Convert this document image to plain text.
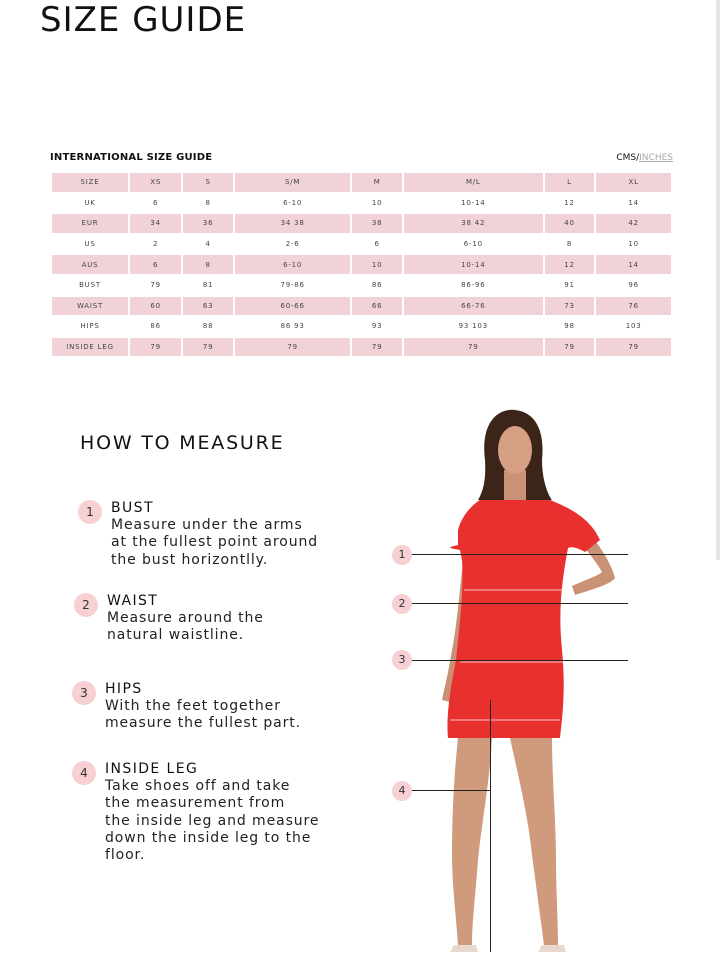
SIZE GUIDE
INTERNATIONAL SIZE GUIDE	CMS/INCHES
SIZE	XS	S	S/M	M	M/L	L	XL
UK	6	8	6-10	10	10-14	12	14
EUR	34	36	34 38	38	38 42	40	42
US	2	4	2-6	6	6-10	8	10
AUS	6	8	6-10	10	10-14	12	14
BUST	79	81	79-86	86	86-96	91	96
WAIST	60	63	60-66	66	66-76	73	76
HIPS	86	88	86 93	93	93 103	98	103
INSIDE LEG	79	79	79	79	79	79	79
HOW TO MEASURE
1	BUST
Measure under the arms
at the fullest point around
the bust horizontlly.
2	WAIST
Measure around the
natural waistline.
3	HIPS
With the feet together
measure the fullest part.
4	INSIDE LEG
Take shoes off and take
the measurement from
the inside leg and measure
down the inside leg to the
floor.
1
2
3
4
